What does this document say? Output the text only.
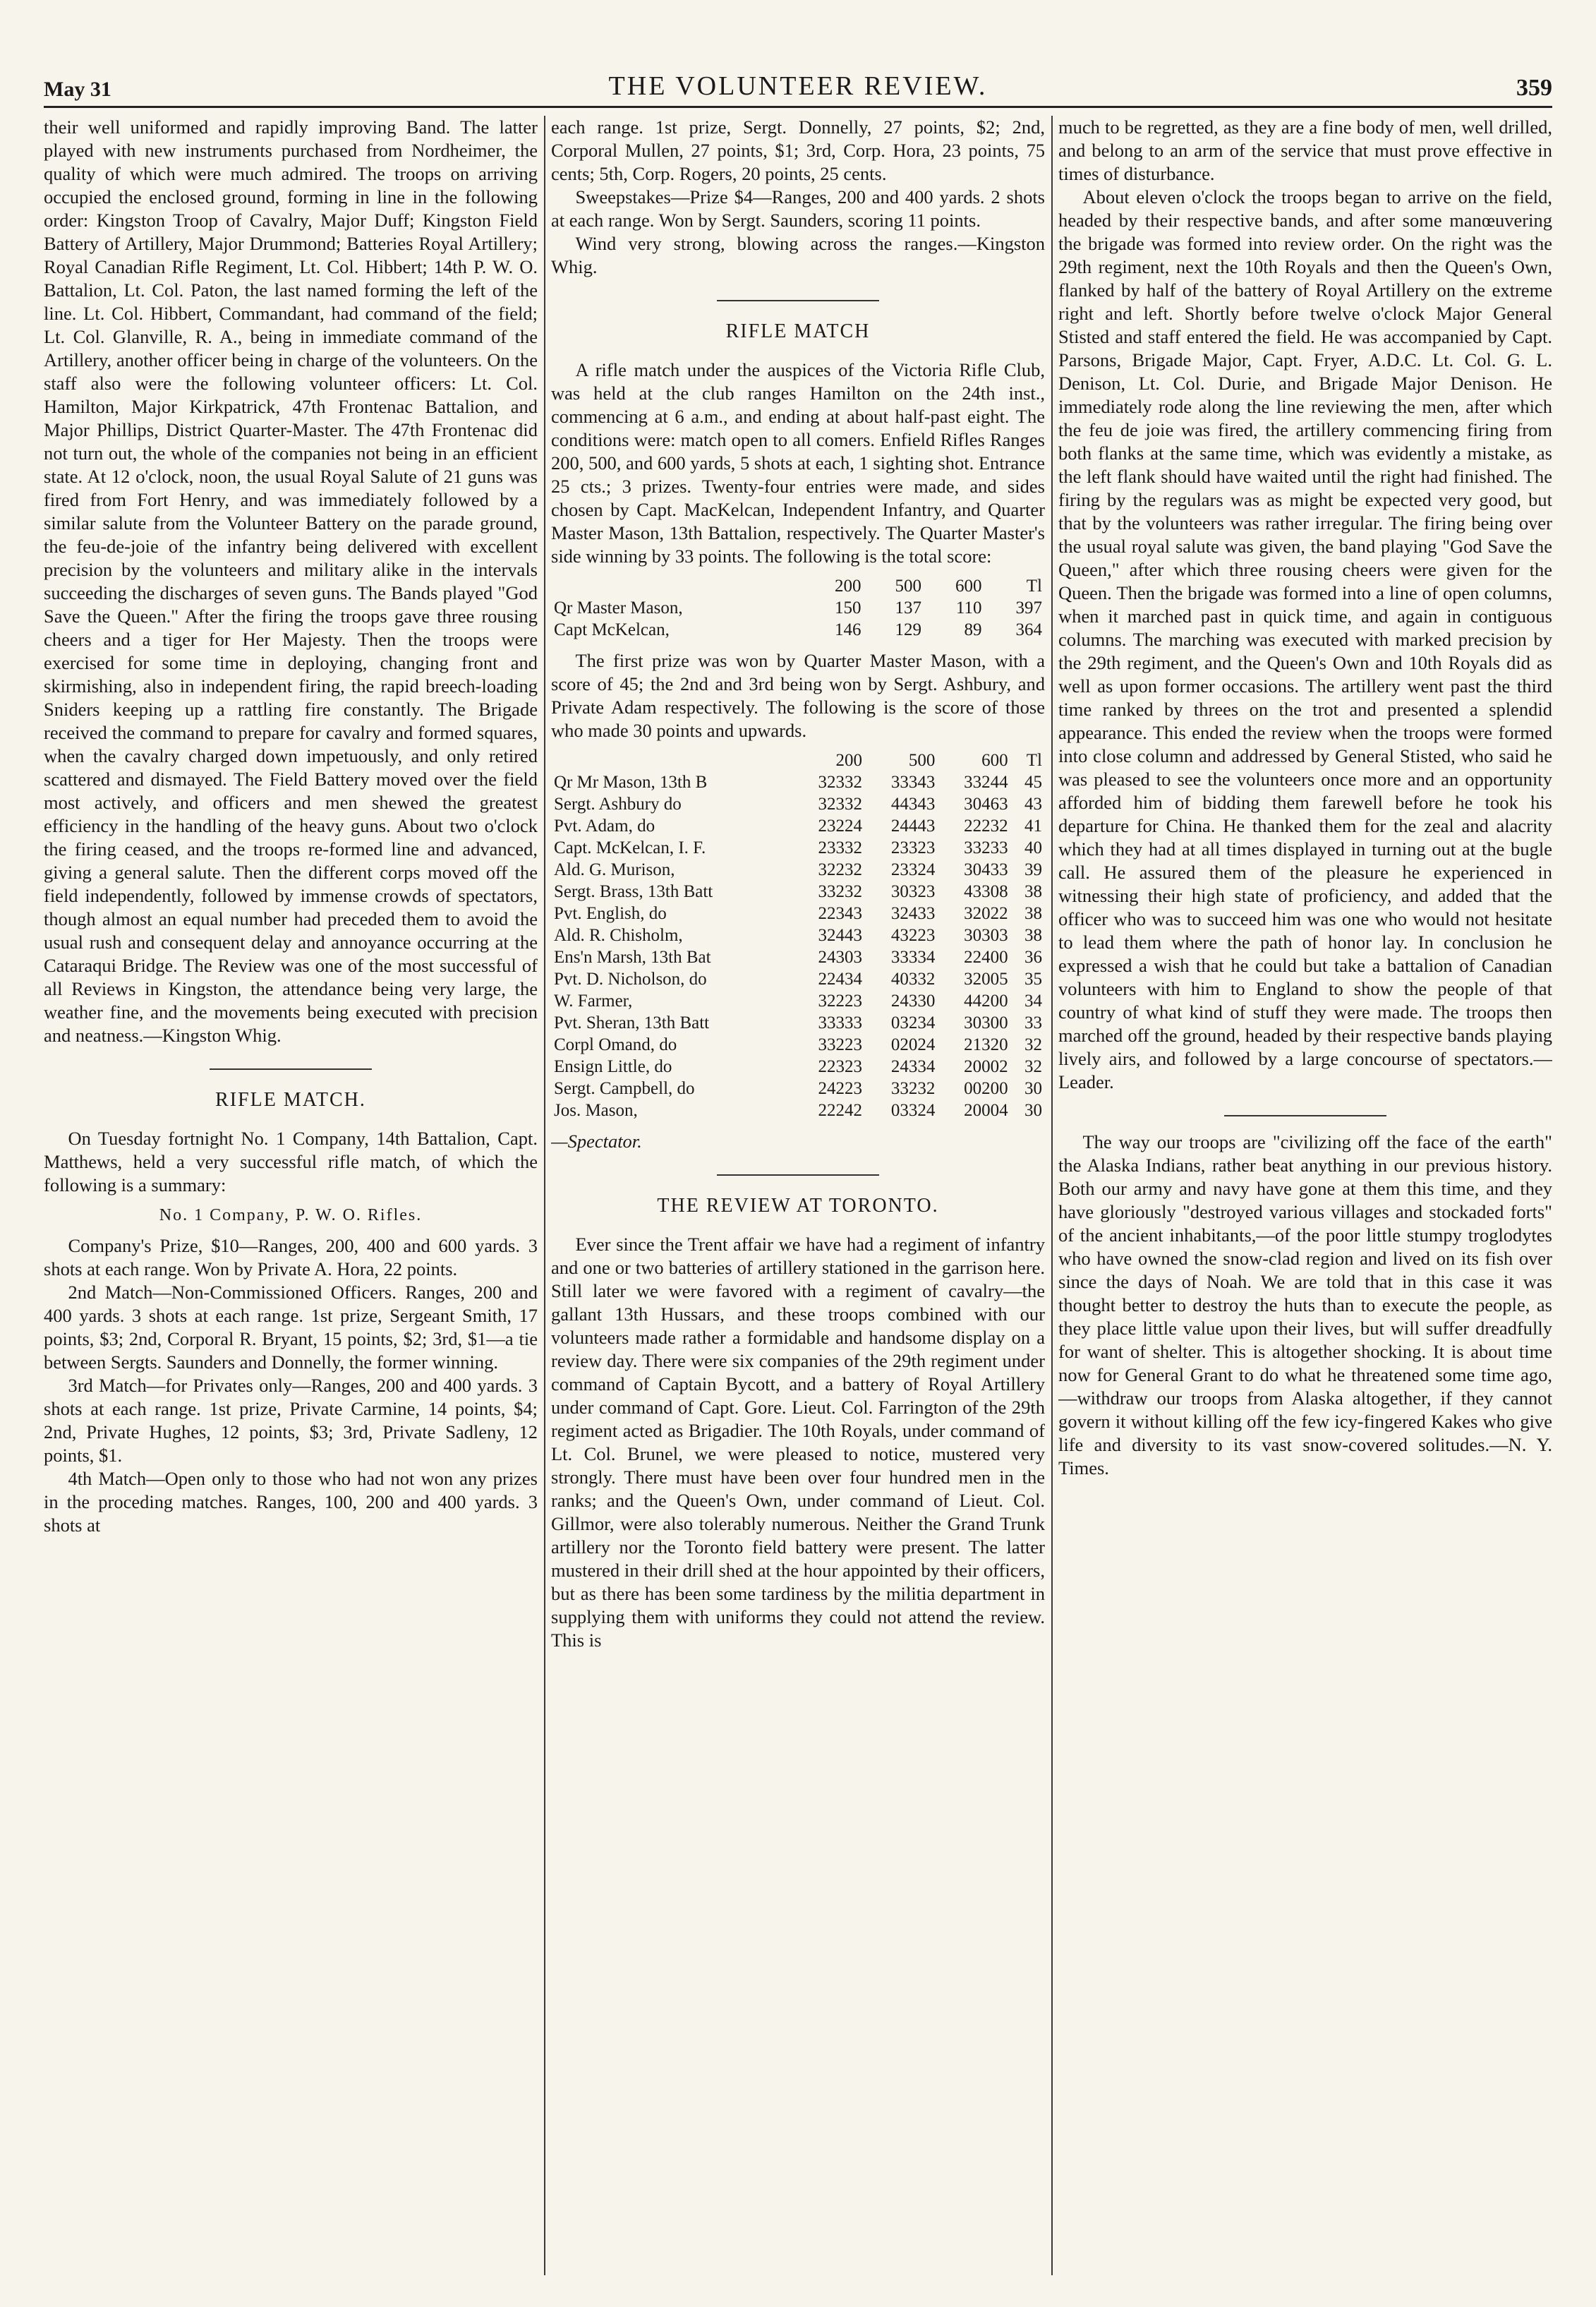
May 31	THE VOLUNTEER REVIEW.	359

their well uniformed and rapidly improving Band. The latter played with new instruments purchased from Nordheimer, the quality of which were much admired. The troops on arriving occupied the enclosed ground, forming in line in the following order: Kingston Troop of Cavalry, Major Duff; Kingston Field Battery of Artillery, Major Drummond; Batteries Royal Artillery; Royal Canadian Rifle Regiment, Lt. Col. Hibbert; 14th P. W. O. Battalion, Lt. Col. Paton, the last named forming the left of the line. Lt. Col. Hibbert, Commandant, had command of the field; Lt. Col. Glanville, R. A., being in immediate command of the Artillery, another officer being in charge of the volunteers. On the staff also were the following volunteer officers: Lt. Col. Hamilton, Major Kirkpatrick, 47th Frontenac Battalion, and Major Phillips, District Quarter-Master. The 47th Frontenac did not turn out, the whole of the companies not being in an efficient state. At 12 o'clock, noon, the usual Royal Salute of 21 guns was fired from Fort Henry, and was immediately followed by a similar salute from the Volunteer Battery on the parade ground, the feu-de-joie of the infantry being delivered with excellent precision by the volunteers and military alike in the intervals succeeding the discharges of seven guns. The Bands played "God Save the Queen." After the firing the troops gave three rousing cheers and a tiger for Her Majesty. Then the troops were exercised for some time in deploying, changing front and skirmishing, also in independent firing, the rapid breech-loading Sniders keeping up a rattling fire constantly. The Brigade received the command to prepare for cavalry and formed squares, when the cavalry charged down impetuously, and only retired scattered and dismayed. The Field Battery moved over the field most actively, and officers and men shewed the greatest efficiency in the handling of the heavy guns. About two o'clock the firing ceased, and the troops re-formed line and advanced, giving a general salute. Then the different corps moved off the field independently, followed by immense crowds of spectators, though almost an equal number had preceded them to avoid the usual rush and consequent delay and annoyance occurring at the Cataraqui Bridge. The Review was one of the most successful of all Reviews in Kingston, the attendance being very large, the weather fine, and the movements being executed with precision and neatness.—Kingston Whig.

RIFLE MATCH.

On Tuesday fortnight No. 1 Company, 14th Battalion, Capt. Matthews, held a very successful rifle match, of which the following is a summary:

No. 1 Company, P. W. O. Rifles.

Company's Prize, $10—Ranges, 200, 400 and 600 yards. 3 shots at each range. Won by Private A. Hora, 22 points.

2nd Match—Non-Commissioned Officers. Ranges, 200 and 400 yards. 3 shots at each range. 1st prize, Sergeant Smith, 17 points, $3; 2nd, Corporal R. Bryant, 15 points, $2; 3rd, $1—a tie between Sergts. Saunders and Donnelly, the former winning.

3rd Match—for Privates only—Ranges, 200 and 400 yards. 3 shots at each range. 1st prize, Private Carmine, 14 points, $4; 2nd, Private Hughes, 12 points, $3; 3rd, Private Sadleny, 12 points, $1.

4th Match—Open only to those who had not won any prizes in the proceding matches. Ranges, 100, 200 and 400 yards. 3 shots at

each range. 1st prize, Sergt. Donnelly, 27 points, $2; 2nd, Corporal Mullen, 27 points, $1; 3rd, Corp. Hora, 23 points, 75 cents; 5th, Corp. Rogers, 20 points, 25 cents.

Sweepstakes—Prize $4—Ranges, 200 and 400 yards. 2 shots at each range. Won by Sergt. Saunders, scoring 11 points.

Wind very strong, blowing across the ranges.—Kingston Whig.

RIFLE MATCH

A rifle match under the auspices of the Victoria Rifle Club, was held at the club ranges Hamilton on the 24th inst., commencing at 6 a.m., and ending at about half-past eight. The conditions were: match open to all comers. Enfield Rifles Ranges 200, 500, and 600 yards, 5 shots at each, 1 sighting shot. Entrance 25 cts.; 3 prizes. Twenty-four entries were made, and sides chosen by Capt. MacKelcan, Independent Infantry, and Quarter Master Mason, 13th Battalion, respectively. The Quarter Master's side winning by 33 points. The following is the total score:

	200	500	600	Tl
Qr Master Mason,	150	137	110	397
Capt McKelcan,	146	129	89	364

The first prize was won by Quarter Master Mason, with a score of 45; the 2nd and 3rd being won by Sergt. Ashbury, and Private Adam respectively. The following is the score of those who made 30 points and upwards.

	200	500	600	Tl
Qr Mr Mason, 13th B	32332	33343	33244	45
Sergt. Ashbury do	32332	44343	30463	43
Pvt. Adam, do	23224	24443	22232	41
Capt. McKelcan, I. F.	23332	23323	33233	40
Ald. G. Murison,	32232	23324	30433	39
Sergt. Brass, 13th Batt	33232	30323	43308	38
Pvt. English, do	22343	32433	32022	38
Ald. R. Chisholm,	32443	43223	30303	38
Ens'n Marsh, 13th Bat	24303	33334	22400	36
Pvt. D. Nicholson, do	22434	40332	32005	35
W. Farmer,	32223	24330	44200	34
Pvt. Sheran, 13th Batt	33333	03234	30300	33
Corpl Omand, do	33223	02024	21320	32
Ensign Little, do	22323	24334	20002	32
Sergt. Campbell, do	24223	33232	00200	30
Jos. Mason,	22242	03324	20004	30

—Spectator.

THE REVIEW AT TORONTO.

Ever since the Trent affair we have had a regiment of infantry and one or two batteries of artillery stationed in the garrison here. Still later we were favored with a regiment of cavalry—the gallant 13th Hussars, and these troops combined with our volunteers made rather a formidable and handsome display on a review day. There were six companies of the 29th regiment under command of Captain Bycott, and a battery of Royal Artillery under command of Capt. Gore. Lieut. Col. Farrington of the 29th regiment acted as Brigadier. The 10th Royals, under command of Lt. Col. Brunel, we were pleased to notice, mustered very strongly. There must have been over four hundred men in the ranks; and the Queen's Own, under command of Lieut. Col. Gillmor, were also tolerably numerous. Neither the Grand Trunk artillery nor the Toronto field battery were present. The latter mustered in their drill shed at the hour appointed by their officers, but as there has been some tardiness by the militia department in supplying them with uniforms they could not attend the review. This is

much to be regretted, as they are a fine body of men, well drilled, and belong to an arm of the service that must prove effective in times of disturbance.

About eleven o'clock the troops began to arrive on the field, headed by their respective bands, and after some manœuvering the brigade was formed into review order. On the right was the 29th regiment, next the 10th Royals and then the Queen's Own, flanked by half of the battery of Royal Artillery on the extreme right and left. Shortly before twelve o'clock Major General Stisted and staff entered the field. He was accompanied by Capt. Parsons, Brigade Major, Capt. Fryer, A.D.C. Lt. Col. G. L. Denison, Lt. Col. Durie, and Brigade Major Denison. He immediately rode along the line reviewing the men, after which the feu de joie was fired, the artillery commencing firing from both flanks at the same time, which was evidently a mistake, as the left flank should have waited until the right had finished. The firing by the regulars was as might be expected very good, but that by the volunteers was rather irregular. The firing being over the usual royal salute was given, the band playing "God Save the Queen," after which three rousing cheers were given for the Queen. Then the brigade was formed into a line of open columns, when it marched past in quick time, and again in contiguous columns. The marching was executed with marked precision by the 29th regiment, and the Queen's Own and 10th Royals did as well as upon former occasions. The artillery went past the third time ranked by threes on the trot and presented a splendid appearance. This ended the review when the troops were formed into close column and addressed by General Stisted, who said he was pleased to see the volunteers once more and an opportunity afforded him of bidding them farewell before he took his departure for China. He thanked them for the zeal and alacrity which they had at all times displayed in turning out at the bugle call. He assured them of the pleasure he experienced in witnessing their high state of proficiency, and added that the officer who was to succeed him was one who would not hesitate to lead them where the path of honor lay. In conclusion he expressed a wish that he could but take a battalion of Canadian volunteers with him to England to show the people of that country of what kind of stuff they were made. The troops then marched off the ground, headed by their respective bands playing lively airs, and followed by a large concourse of spectators.—Leader.

The way our troops are "civilizing off the face of the earth" the Alaska Indians, rather beat anything in our previous history. Both our army and navy have gone at them this time, and they have gloriously "destroyed various villages and stockaded forts" of the ancient inhabitants,—of the poor little stumpy troglodytes who have owned the snow-clad region and lived on its fish over since the days of Noah. We are told that in this case it was thought better to destroy the huts than to execute the people, as they place little value upon their lives, but will suffer dreadfully for want of shelter. This is altogether shocking. It is about time now for General Grant to do what he threatened some time ago,—withdraw our troops from Alaska altogether, if they cannot govern it without killing off the few icy-fingered Kakes who give life and diversity to its vast snow-covered solitudes.—N. Y. Times.
